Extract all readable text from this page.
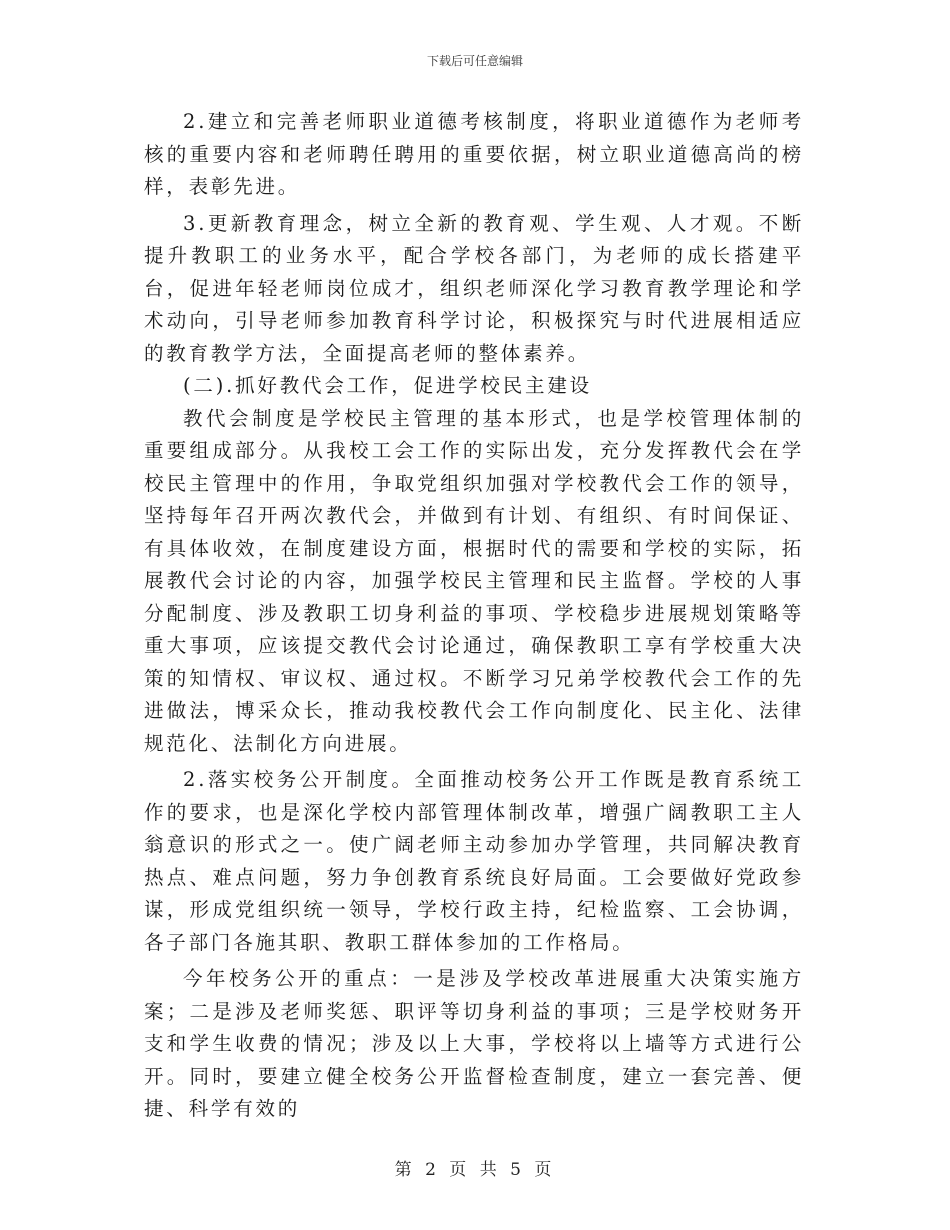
下载后可任意编辑

2.建立和完善老师职业道德考核制度，将职业道德作为老师考核的重要内容和老师聘任聘用的重要依据，树立职业道德高尚的榜样，表彰先进。

3.更新教育理念，树立全新的教育观、学生观、人才观。不断提升教职工的业务水平，配合学校各部门，为老师的成长搭建平台，促进年轻老师岗位成才，组织老师深化学习教育教学理论和学术动向，引导老师参加教育科学讨论，积极探究与时代进展相适应的教育教学方法，全面提高老师的整体素养。

(二).抓好教代会工作，促进学校民主建设

教代会制度是学校民主管理的基本形式，也是学校管理体制的重要组成部分。从我校工会工作的实际出发，充分发挥教代会在学校民主管理中的作用，争取党组织加强对学校教代会工作的领导，坚持每年召开两次教代会，并做到有计划、有组织、有时间保证、有具体收效，在制度建设方面，根据时代的需要和学校的实际，拓展教代会讨论的内容，加强学校民主管理和民主监督。学校的人事分配制度、涉及教职工切身利益的事项、学校稳步进展规划策略等重大事项，应该提交教代会讨论通过，确保教职工享有学校重大决策的知情权、审议权、通过权。不断学习兄弟学校教代会工作的先进做法，博采众长，推动我校教代会工作向制度化、民主化、法律规范化、法制化方向进展。

2.落实校务公开制度。全面推动校务公开工作既是教育系统工作的要求，也是深化学校内部管理体制改革，增强广阔教职工主人翁意识的形式之一。使广阔老师主动参加办学管理，共同解决教育热点、难点问题，努力争创教育系统良好局面。工会要做好党政参谋，形成党组织统一领导，学校行政主持，纪检监察、工会协调，各子部门各施其职、教职工群体参加的工作格局。

今年校务公开的重点：一是涉及学校改革进展重大决策实施方案；二是涉及老师奖惩、职评等切身利益的事项；三是学校财务开支和学生收费的情况；涉及以上大事，学校将以上墙等方式进行公开。同时，要建立健全校务公开监督检查制度，建立一套完善、便捷、科学有效的

第 2 页 共 5 页
